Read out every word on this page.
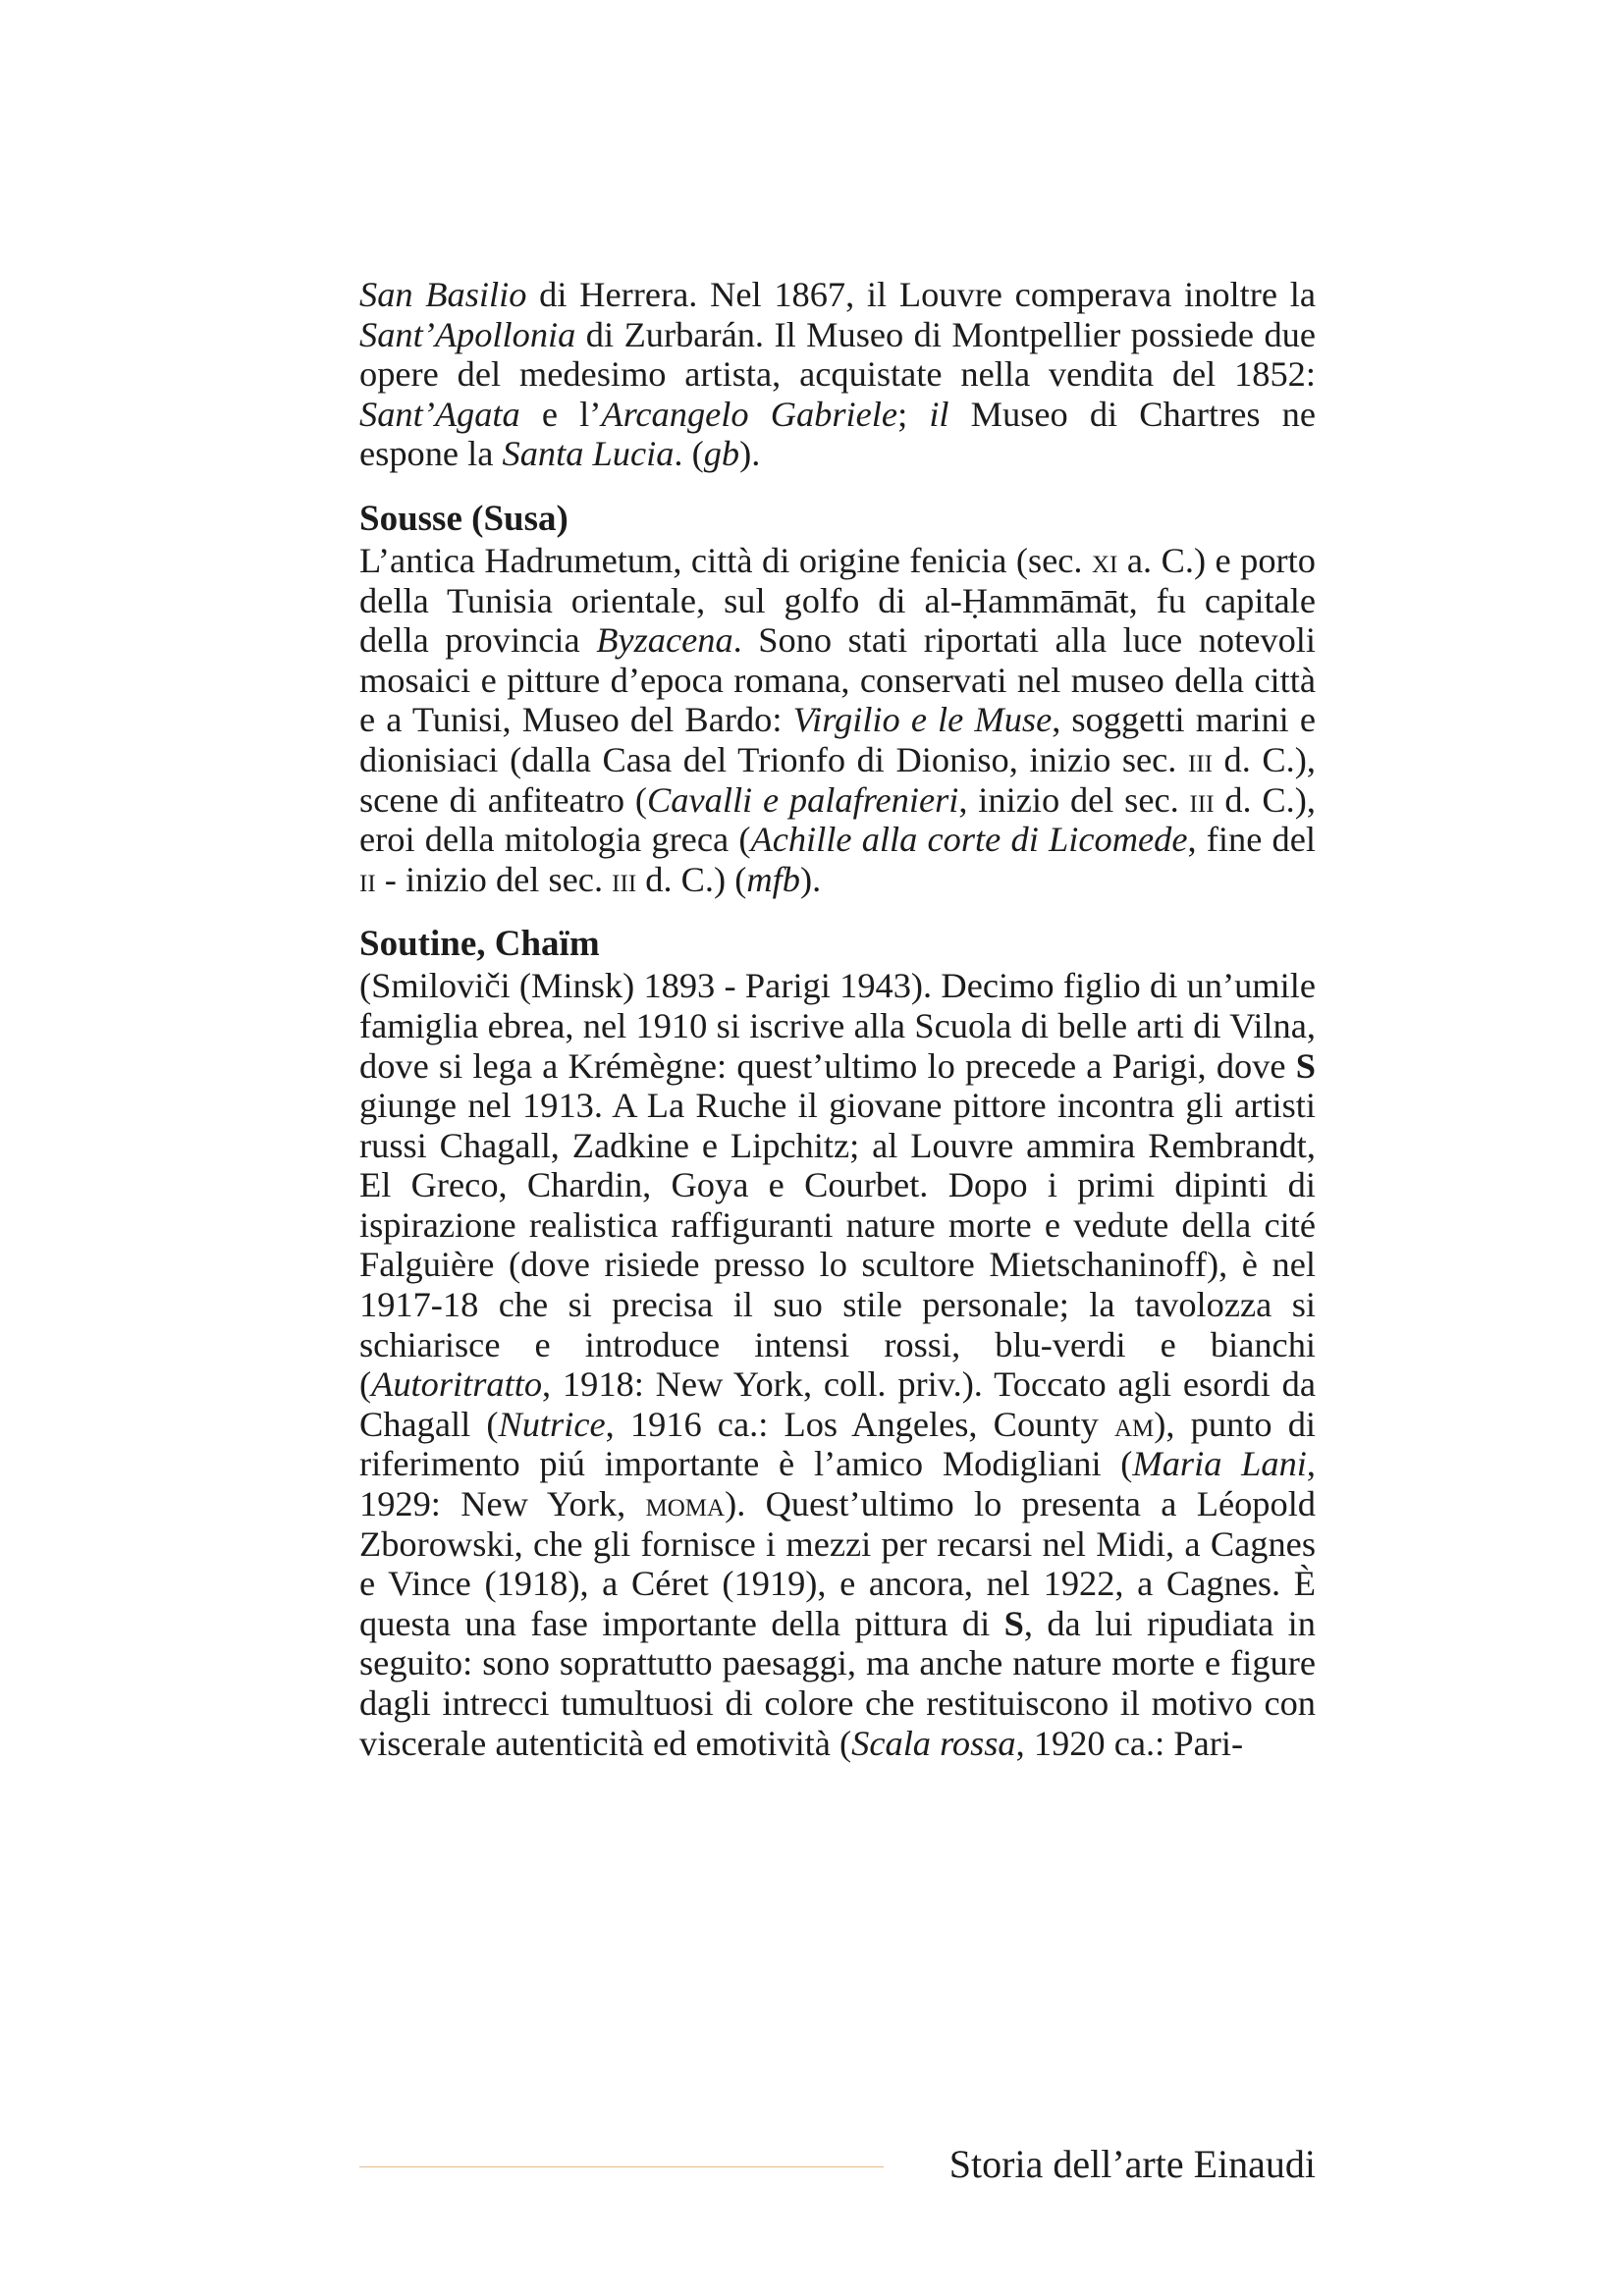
San Basilio di Herrera. Nel 1867, il Louvre comperava inoltre la Sant’Apollonia di Zurbarán. Il Museo di Montpellier possiede due opere del medesimo artista, acquistate nella vendita del 1852: Sant’Agata e l’Arcangelo Gabriele; il Museo di Chartres ne espone la Santa Lucia. (gb).

Sousse (Susa)

L’antica Hadrumetum, città di origine fenicia (sec. xi a. C.) e porto della Tunisia orientale, sul golfo di al-Ḥammāmāt, fu capitale della provincia Byzacena. Sono stati riportati alla luce notevoli mosaici e pitture d’epoca romana, conservati nel museo della città e a Tunisi, Museo del Bardo: Virgilio e le Muse, soggetti marini e dionisiaci (dalla Casa del Trionfo di Dioniso, inizio sec. iii d. C.), scene di anfiteatro (Cavalli e palafrenieri, inizio del sec. iii d. C.), eroi della mitologia greca (Achille alla corte di Licomede, fine del ii - inizio del sec. iii d. C.) (mfb).

Soutine, Chaïm

(Smiloviči (Minsk) 1893 - Parigi 1943). Decimo figlio di un’umile famiglia ebrea, nel 1910 si iscrive alla Scuola di belle arti di Vilna, dove si lega a Krémègne: quest’ultimo lo precede a Parigi, dove S giunge nel 1913. A La Ruche il giovane pittore incontra gli artisti russi Chagall, Zadkine e Lipchitz; al Louvre ammira Rembrandt, El Greco, Chardin, Goya e Courbet. Dopo i primi dipinti di ispirazione realistica raffiguranti nature morte e vedute della cité Falguière (dove risiede presso lo scultore Mietschaninoff), è nel 1917-18 che si precisa il suo stile personale; la tavolozza si schiarisce e introduce intensi rossi, blu-verdi e bianchi (Autoritratto, 1918: New York, coll. priv.). Toccato agli esordi da Chagall (Nutrice, 1916 ca.: Los Angeles, County am), punto di riferimento piú importante è l’amico Modigliani (Maria Lani, 1929: New York, moma). Quest’ultimo lo presenta a Léopold Zborowski, che gli fornisce i mezzi per recarsi nel Midi, a Cagnes e Vince (1918), a Céret (1919), e ancora, nel 1922, a Cagnes. È questa una fase importante della pittura di S, da lui ripudiata in seguito: sono soprattutto paesaggi, ma anche nature morte e figure dagli intrecci tumultuosi di colore che restituiscono il motivo con viscerale autenticità ed emotività (Scala rossa, 1920 ca.: Pari-

Storia dell’arte Einaudi
